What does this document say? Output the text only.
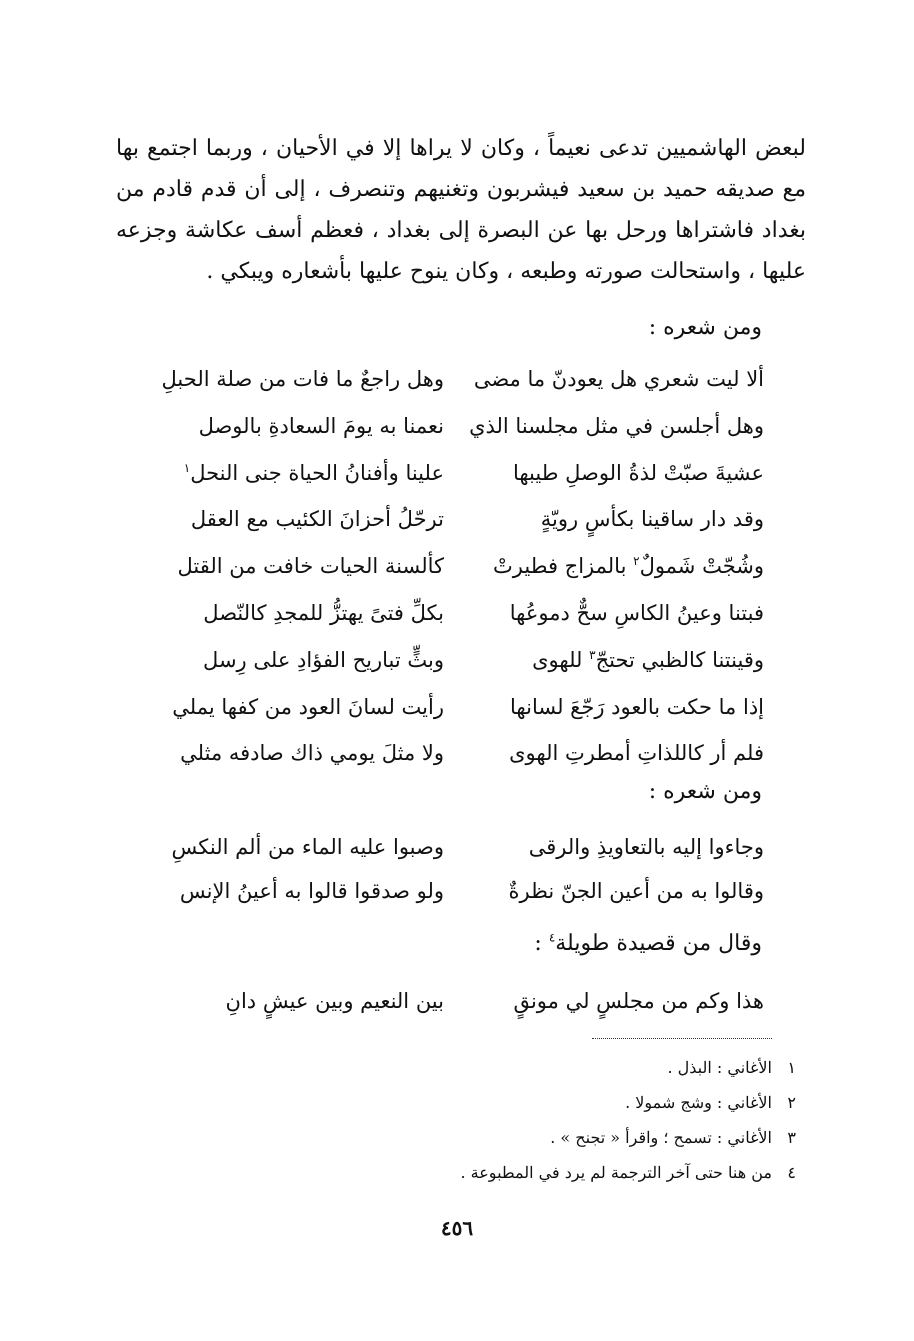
لبعض الهاشميين تدعى نعيماً ، وكان لا يراها إلا في الأحيان ، وربما اجتمع بها مع صديقه حميد بن سعيد فيشربون وتغنيهم وتنصرف ، إلى أن قدم قادم من بغداد فاشتراها ورحل بها عن البصرة إلى بغداد ، فعظم أسف عكاشة وجزعه عليها ، واستحالت صورته وطبعه ، وكان ينوح عليها بأشعاره ويبكي .

ومن شعره :

ألا ليت شعري هل يعودنّ ما مضى
وهل راجعٌ ما فات من صلة الحبلِ
وهل أجلسن في مثل مجلسنا الذي
نعمنا به يومَ السعادةِ بالوصل
عشيةَ صبّتْ لذةُ الوصلِ طيبها
علينا وأفنانُ الحياة جنى النحل$^١$
وقد دار ساقينا بكأسٍ رويّةٍ
ترحّلُ أحزانَ الكئيب مع العقل
وشُجّتْ شَمولٌ$^٢$ بالمزاج فطيرتْ
كألسنة الحيات خافت من القتل
فبتنا وعينُ الكاسِ سحٌّ دموعُها
بكلِّ فتىً يهتزُّ للمجدِ كالنّصل
وقينتنا كالظبي تحتجّ$^٣$ للهوى
وبثٍّ تباريح الفؤادِ على رِسل
إذا ما حكت بالعود رَجّعَ لسانها
رأيت لسانَ العود من كفها يملي
فلم أر كاللذاتِ أمطرتِ الهوى
ولا مثلَ يومي ذاك صادفه مثلي

ومن شعره :

وجاءوا إليه بالتعاويذِ والرقى
وصبوا عليه الماء من ألم النكسِ
وقالوا به من أعين الجنّ نظرةٌ
ولو صدقوا قالوا به أعينُ الإنس

وقال من قصيدة طويلة$^٤$ :

هذا وكم من مجلسٍ لي مونقٍ
بين النعيم وبين عيشٍ دانِ
١الأغاني : البذل .
٢الأغاني : وشج شمولا .
٣الأغاني : تسمح ؛ واقرأ « تجنح » .
٤من هنا حتى آخر الترجمة لم يرد في المطبوعة .
٤٥٦
